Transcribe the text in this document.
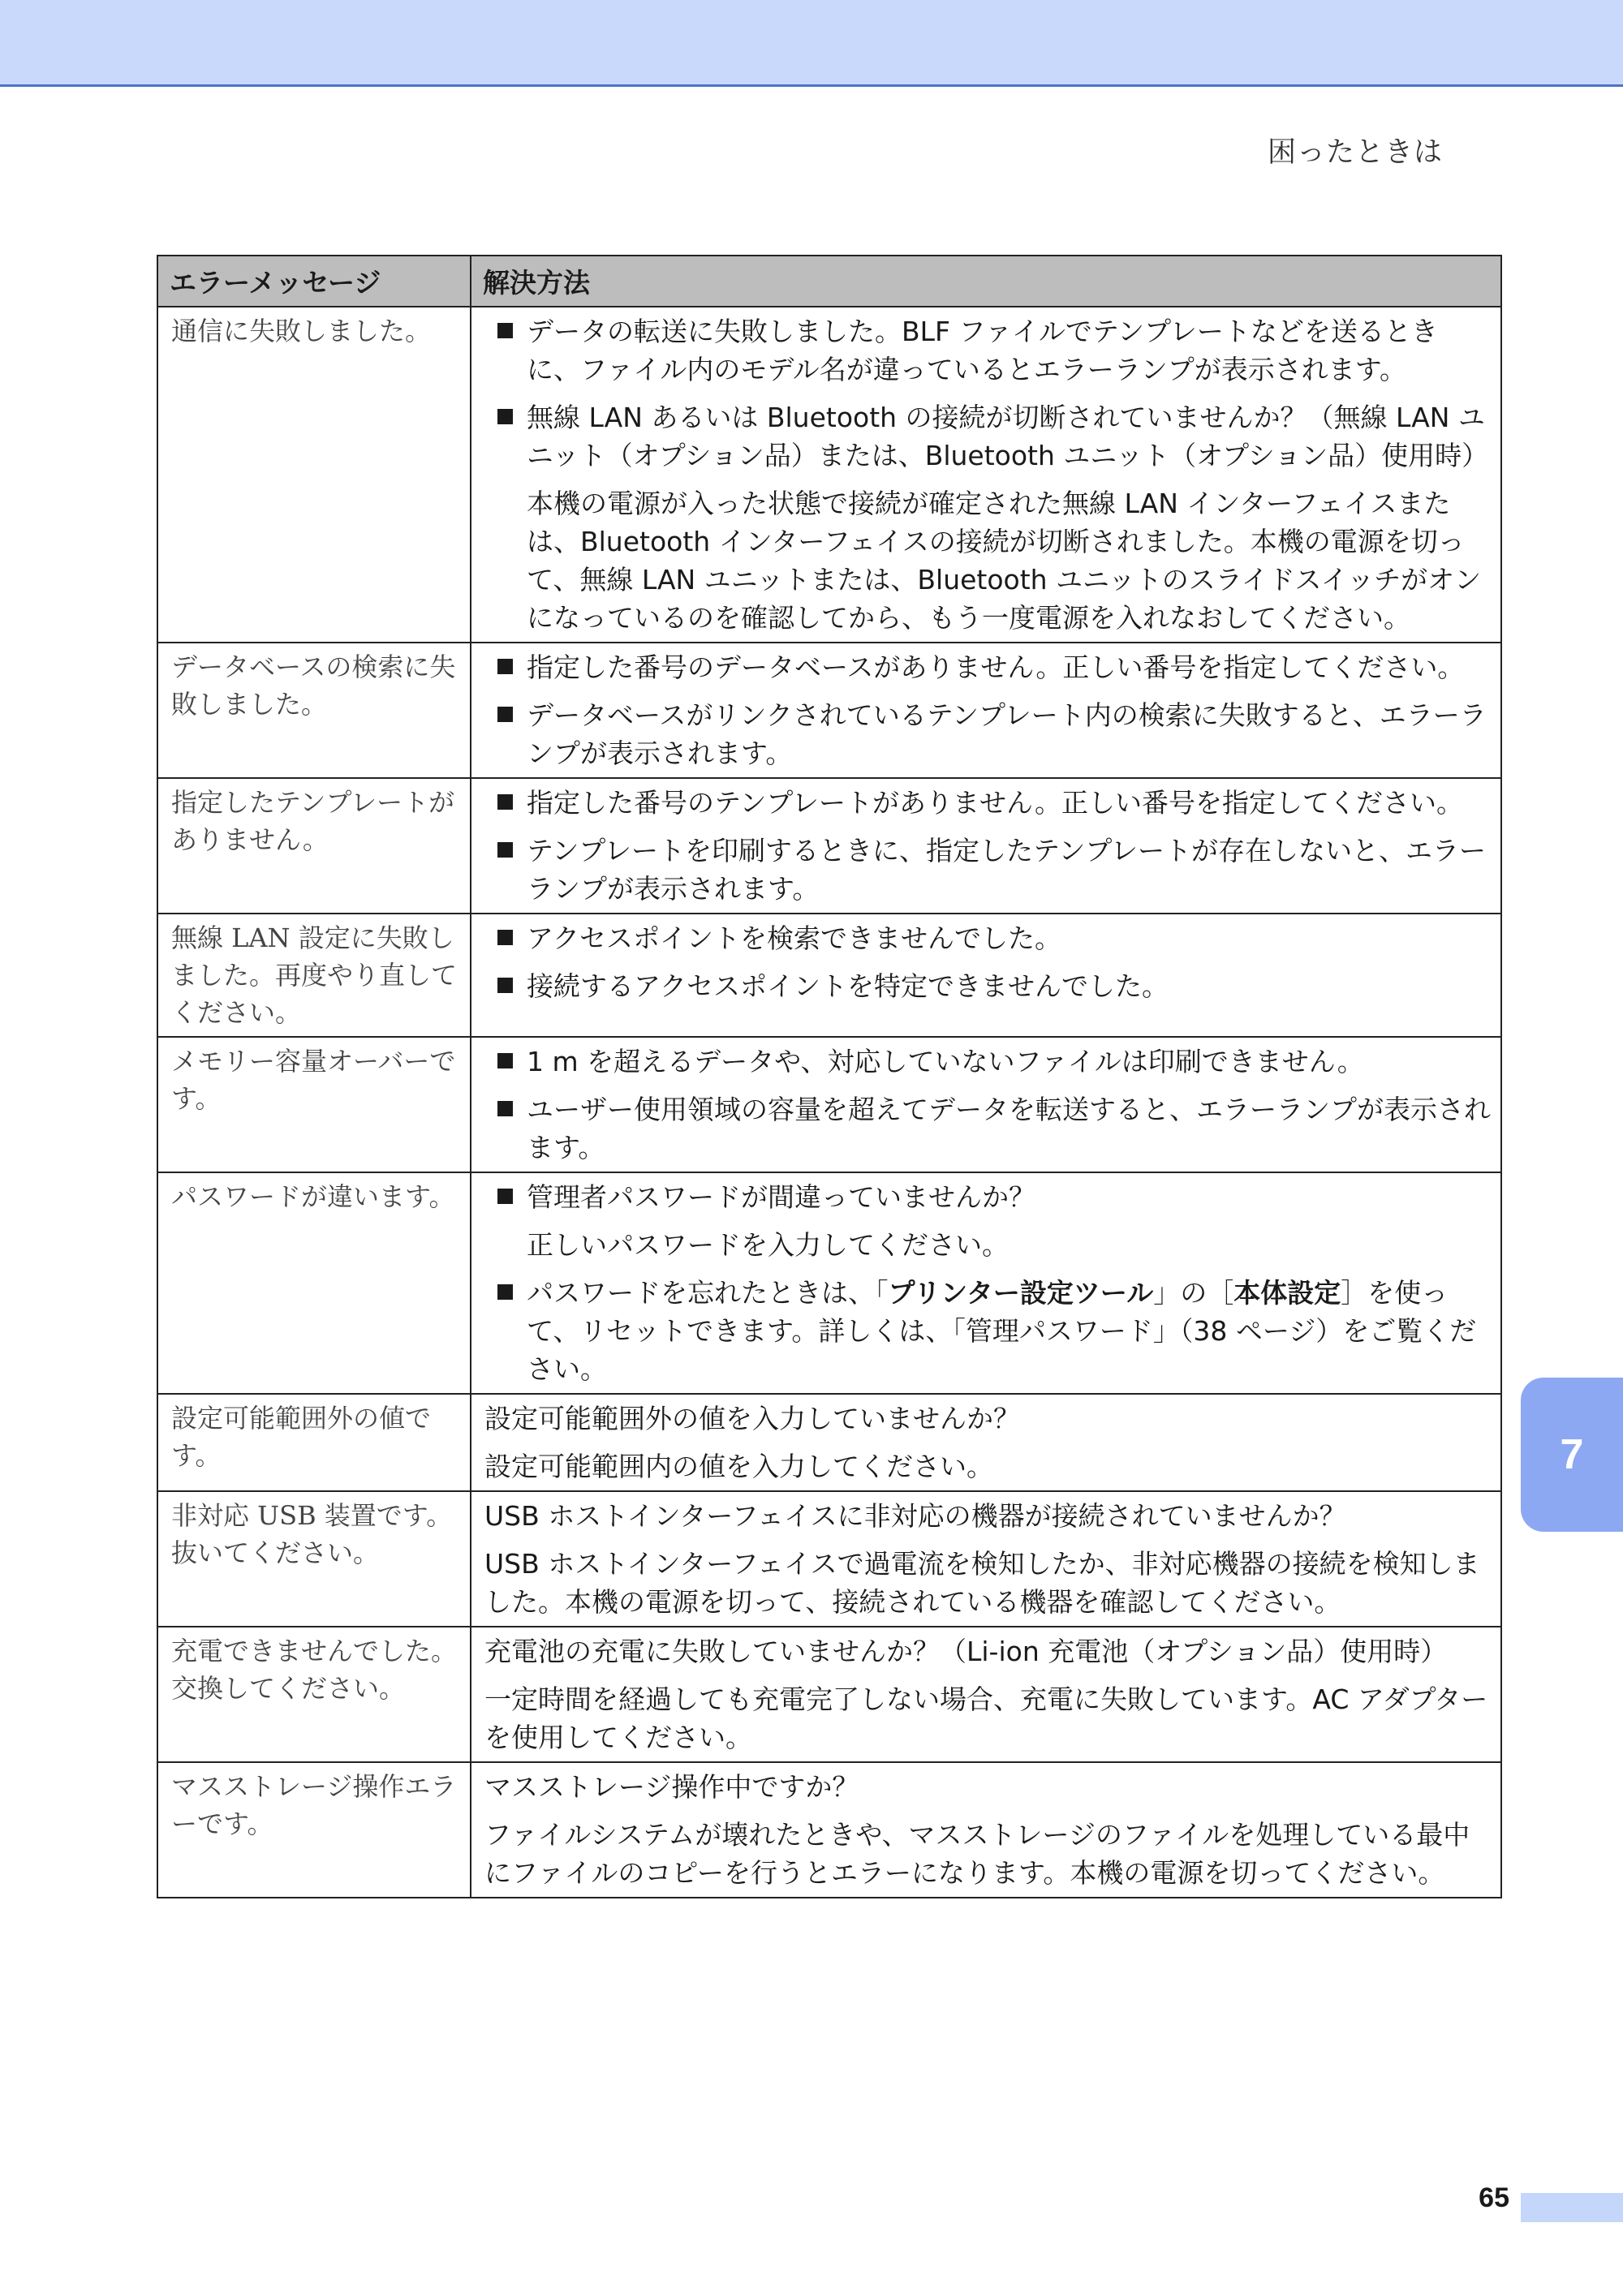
困ったときは
エラーメッセージ	解決方法
通信に失敗しました。	データの転送に失敗しました。BLF ファイルでテンプレートなどを送るときに、ファイル内のモデル名が違っているとエラーランプが表示されます。
無線 LAN あるいは Bluetooth の接続が切断されていませんか？（無線 LAN ユニット（オプション品）または、Bluetooth ユニット（オプション品）使用時）
本機の電源が入った状態で接続が確定された無線 LAN インターフェイスまたは、Bluetooth インターフェイスの接続が切断されました。本機の電源を切って、無線 LAN ユニットまたは、Bluetooth ユニットのスライドスイッチがオンになっているのを確認してから、もう一度電源を入れなおしてください。

データベースの検索に失敗しました。	指定した番号のデータベースがありません。正しい番号を指定してください。
データベースがリンクされているテンプレート内の検索に失敗すると、エラーランプが表示されます。

指定したテンプレートがありません。	指定した番号のテンプレートがありません。正しい番号を指定してください。
テンプレートを印刷するときに、指定したテンプレートが存在しないと、エラーランプが表示されます。

無線 LAN 設定に失敗しました。再度やり直してください。	アクセスポイントを検索できませんでした。
接続するアクセスポイントを特定できませんでした。

メモリー容量オーバーです。	1 m を超えるデータや、対応していないファイルは印刷できません。
ユーザー使用領域の容量を超えてデータを転送すると、エラーランプが表示されます。

パスワードが違います。	管理者パスワードが間違っていませんか？
正しいパスワードを入力してください。
パスワードを忘れたときは、「プリンター設定ツール」の［本体設定］を使って、リセットできます。詳しくは、「管理パスワード」（38 ページ）をご覧ください。

設定可能範囲外の値です。	設定可能範囲外の値を入力していませんか？
設定可能範囲内の値を入力してください。

非対応 USB 装置です。抜いてください。	USB ホストインターフェイスに非対応の機器が接続されていませんか？
USB ホストインターフェイスで過電流を検知したか、非対応機器の接続を検知しました。本機の電源を切って、接続されている機器を確認してください。

充電できませんでした。交換してください。	充電池の充電に失敗していませんか？（Li-ion 充電池（オプション品）使用時）
一定時間を経過しても充電完了しない場合、充電に失敗しています。AC アダプターを使用してください。

マスストレージ操作エラーです。	マスストレージ操作中ですか？
ファイルシステムが壊れたときや、マスストレージのファイルを処理している最中にファイルのコピーを行うとエラーになります。本機の電源を切ってください。
7
65
